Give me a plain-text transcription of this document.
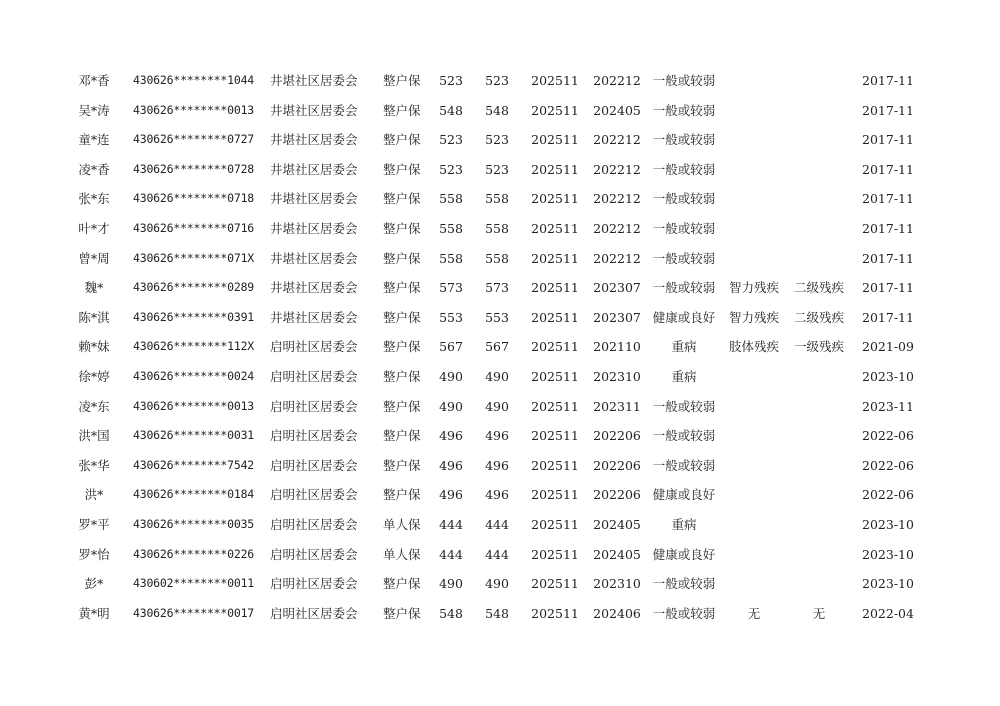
邓*香	430626********1044 井堪社区居委会	整户保	523	523	202511 202212 一般或较弱	2017-11
吴*涛	430626********0013 井堪社区居委会	整户保	548	548	202511 202405 一般或较弱	2017-11
童*连	430626********0727 井堪社区居委会	整户保	523	523	202511 202212 一般或较弱	2017-11
凌*香	430626********0728 井堪社区居委会	整户保	523	523	202511 202212 一般或较弱	2017-11
张*东	430626********0718 井堪社区居委会	整户保	558	558	202511 202212 一般或较弱	2017-11
叶*才	430626********0716 井堪社区居委会	整户保	558	558	202511 202212 一般或较弱	2017-11
曾*周	430626********071X 井堪社区居委会	整户保	558	558	202511 202212 一般或较弱	2017-11
魏*	430626********0289 井堪社区居委会	整户保	573	573	202511 202307 一般或较弱	智力残疾	二级残疾	2017-11
陈*淇	430626********0391 井堪社区居委会	整户保	553	553	202511 202307 健康或良好	智力残疾	二级残疾	2017-11
赖*妹	430626********112X 启明社区居委会	整户保	567	567	202511 202110	重病	肢体残疾	一级残疾	2021-09
徐*婷	430626********0024 启明社区居委会	整户保	490	490	202511 202310	重病	2023-10
凌*东	430626********0013 启明社区居委会	整户保	490	490	202511 202311 一般或较弱	2023-11
洪*国	430626********0031 启明社区居委会	整户保	496	496	202511 202206 一般或较弱	2022-06
张*华	430626********7542 启明社区居委会	整户保	496	496	202511 202206 一般或较弱	2022-06
洪*	430626********0184 启明社区居委会	整户保	496	496	202511 202206 健康或良好	2022-06
罗*平	430626********0035 启明社区居委会	单人保	444	444	202511 202405	重病	2023-10
罗*怡	430626********0226 启明社区居委会	单人保	444	444	202511 202405 健康或良好	2023-10
彭*	430602********0011 启明社区居委会	整户保	490	490	202511 202310 一般或较弱	2023-10
黄*明	430626********0017 启明社区居委会	整户保	548	548	202511 202406 一般或较弱	无	无	2022-04
